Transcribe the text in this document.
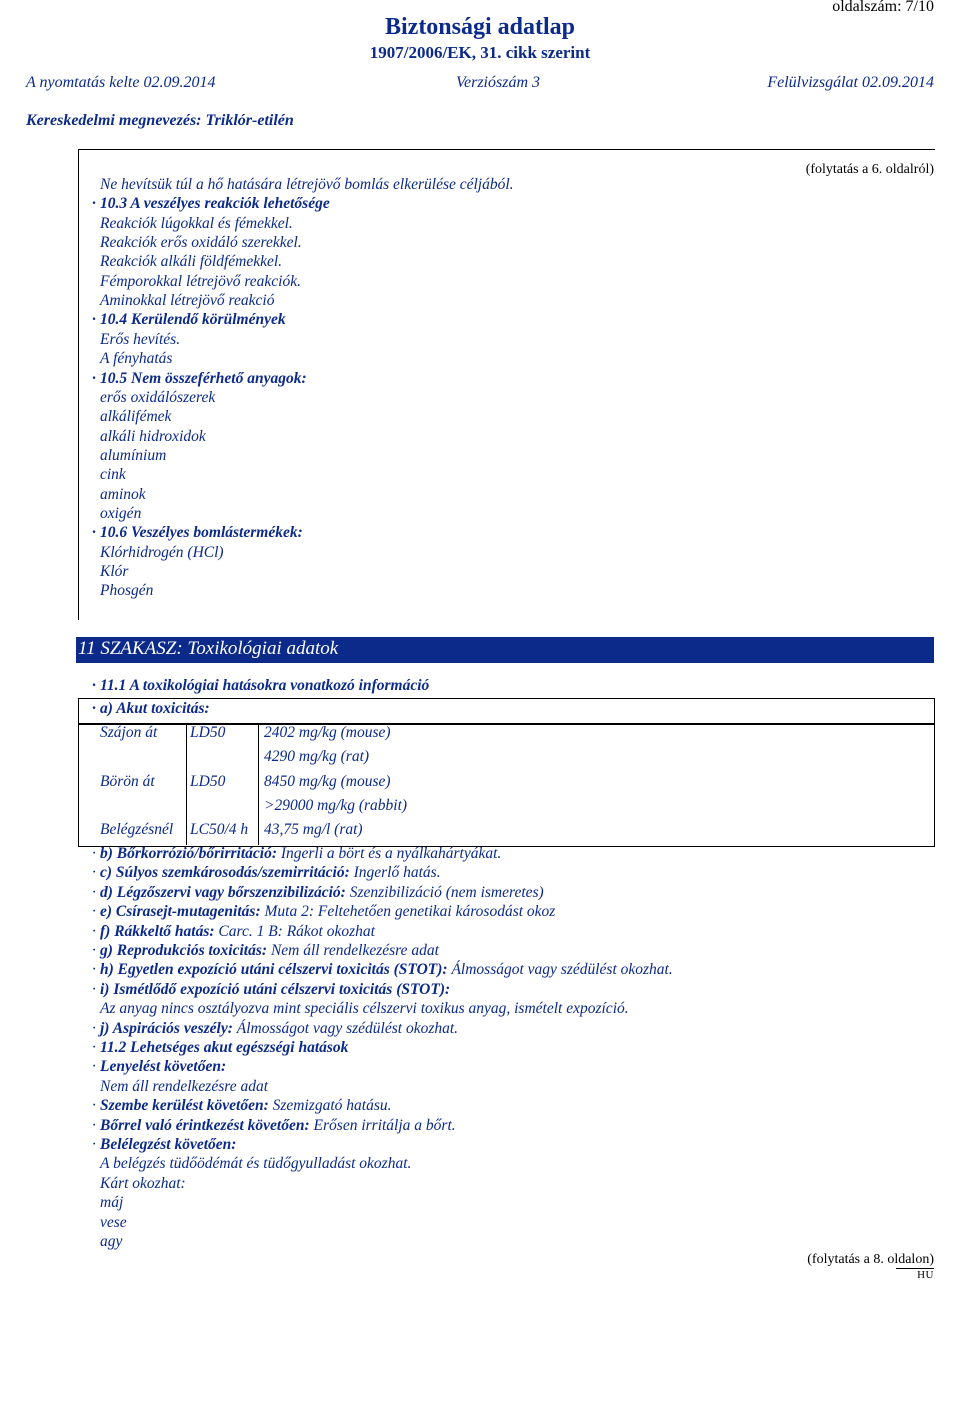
oldalszám: 7/10
Biztonsági adatlap
1907/2006/EK, 31. cikk szerint
A nyomtatás kelte 02.09.2014	Verziószám 3	Felülvizsgálat 02.09.2014
Kereskedelmi megnevezés: Triklór-etilén
(folytatás a 6. oldalról)
Ne hevítsük túl a hő hatására létrejövő bomlás elkerülése céljából.
· 10.3 A veszélyes reakciók lehetősége
Reakciók lúgokkal és fémekkel.
Reakciók erős oxidáló szerekkel.
Reakciók alkáli földfémekkel.
Fémporokkal létrejövő reakciók.
Aminokkal létrejövő reakció
· 10.4 Kerülendő körülmények
Erős hevítés.
A fényhatás
· 10.5 Nem összeférhető anyagok:
erős oxidálószerek
alkálifémek
alkáli hidroxidok
alumínium
cink
aminok
oxigén
· 10.6 Veszélyes bomlástermékek:
Klórhidrogén (HCl)
Klór
Phosgén
11 SZAKASZ: Toxikológiai adatok
· 11.1 A toxikológiai hatásokra vonatkozó információ
· a) Akut toxicitás:
Szájon át LD50 2402 mg/kg (mouse)
4290 mg/kg (rat)
Börön át LD50 8450 mg/kg (mouse)
>29000 mg/kg (rabbit)
Belégzésnél LC50/4 h 43,75 mg/l (rat)
· b) Bőrkorrózió/bőrirritáció: Ingerli a bört és a nyálkahártyákat.
· c) Súlyos szemkárosodás/szemirritáció: Ingerlő hatás.
· d) Légzőszervi vagy bőrszenzibilizáció: Szenzibilizáció (nem ismeretes)
· e) Csírasejt-mutagenitás: Muta 2: Feltehetően genetikai károsodást okoz
· f) Rákkeltő hatás: Carc. 1 B: Rákot okozhat
· g) Reprodukciós toxicitás: Nem áll rendelkezésre adat
· h) Egyetlen expozíció utáni célszervi toxicitás (STOT): Álmosságot vagy szédülést okozhat.
· i) Ismétlődő expozíció utáni célszervi toxicitás (STOT):
Az anyag nincs osztályozva mint speciális célszervi toxikus anyag, ismételt expozíció.
· j) Aspirációs veszély: Álmosságot vagy szédülést okozhat.
· 11.2 Lehetséges akut egészségi hatások
· Lenyelést követően:
Nem áll rendelkezésre adat
· Szembe kerülést követően: Szemizgató hatásu.
· Bőrrel való érintkezést követően: Erősen irritálja a bőrt.
· Belélegzést követően:
A belégzés tüdőödémát és tüdőgyulladást okozhat.
Kárt okozhat:
máj
vese
agy
(folytatás a 8. oldalon)
HU
